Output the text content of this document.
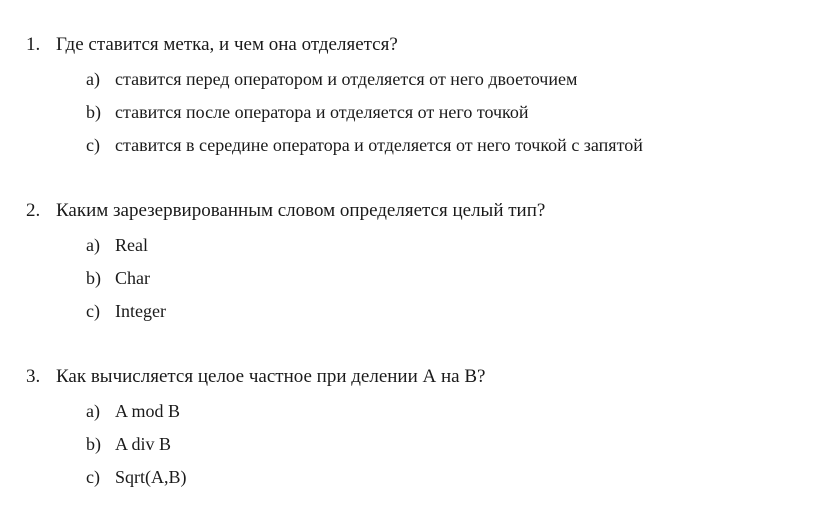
1. Где ставится метка, и чем она отделяется?
a) ставится перед оператором и отделяется от него двоеточием
b) ставится после оператора и отделяется от него точкой
c) ставится в середине оператора и отделяется от него точкой с запятой
2. Каким зарезервированным словом определяется целый тип?
a) Real
b) Char
c) Integer
3. Как вычисляется целое частное при делении А на В?
a) A mod B
b) A div B
c) Sqrt(A,B)
